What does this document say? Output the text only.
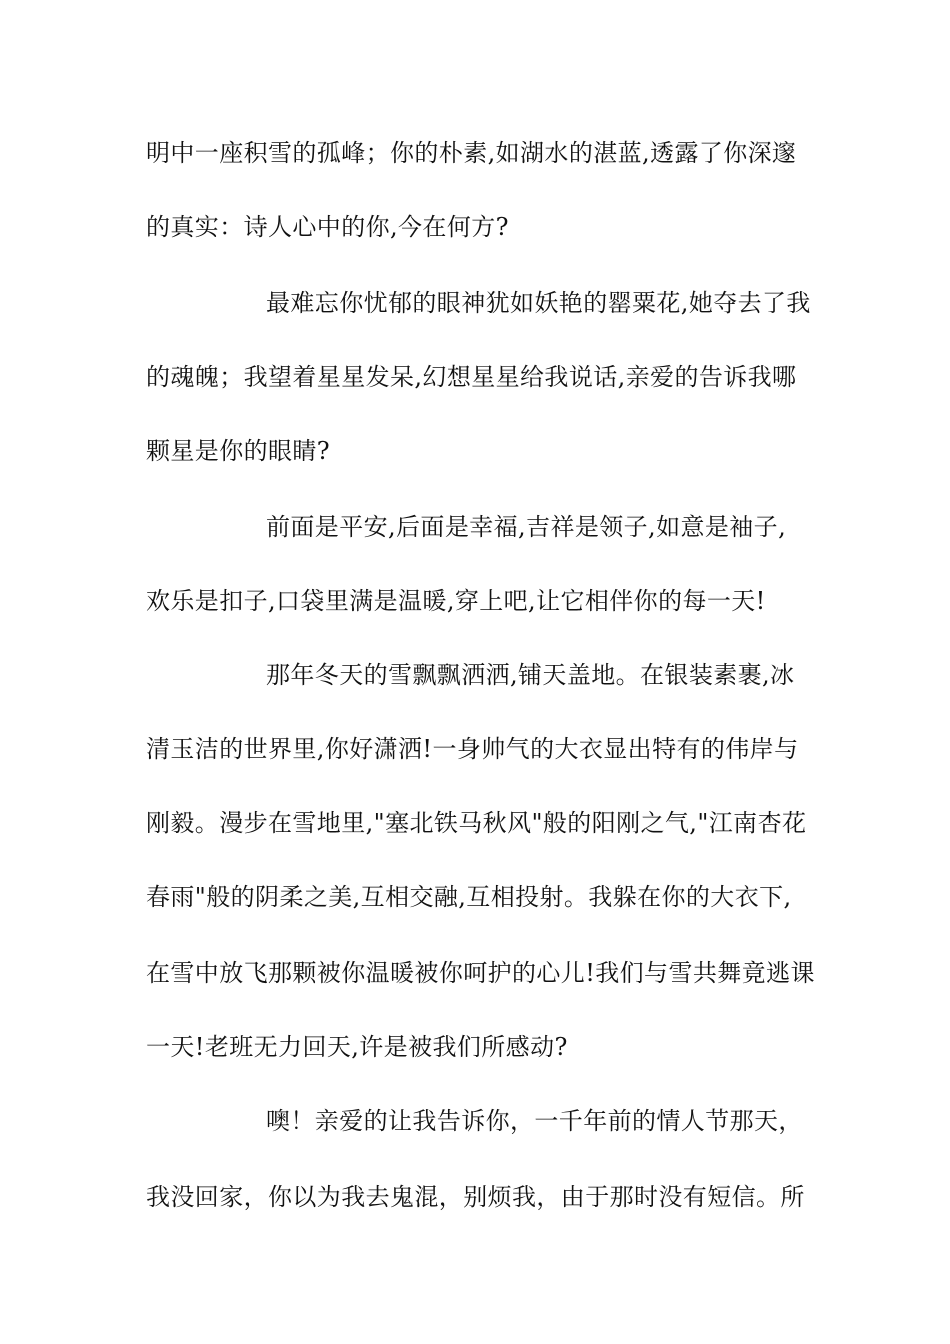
明中一座积雪的孤峰；你的朴素,如湖水的湛蓝,透露了你深邃
的真实：诗人心中的你,今在何方?
最难忘你忧郁的眼神犹如妖艳的罂粟花,她夺去了我
的魂魄；我望着星星发呆,幻想星星给我说话,亲爱的告诉我哪
颗星是你的眼睛?
前面是平安,后面是幸福,吉祥是领子,如意是袖子,
欢乐是扣子,口袋里满是温暖,穿上吧,让它相伴你的每一天!
那年冬天的雪飘飘洒洒,铺天盖地。在银装素裹,冰
清玉洁的世界里,你好潇洒!一身帅气的大衣显出特有的伟岸与
刚毅。漫步在雪地里,"塞北铁马秋风"般的阳刚之气,"江南杏花
春雨"般的阴柔之美,互相交融,互相投射。我躲在你的大衣下,
在雪中放飞那颗被你温暖被你呵护的心儿!我们与雪共舞竟逃课
一天!老班无力回天,许是被我们所感动?
噢！亲爱的让我告诉你，一千年前的情人节那天，
我没回家，你以为我去鬼混，别烦我，由于那时没有短信。所
